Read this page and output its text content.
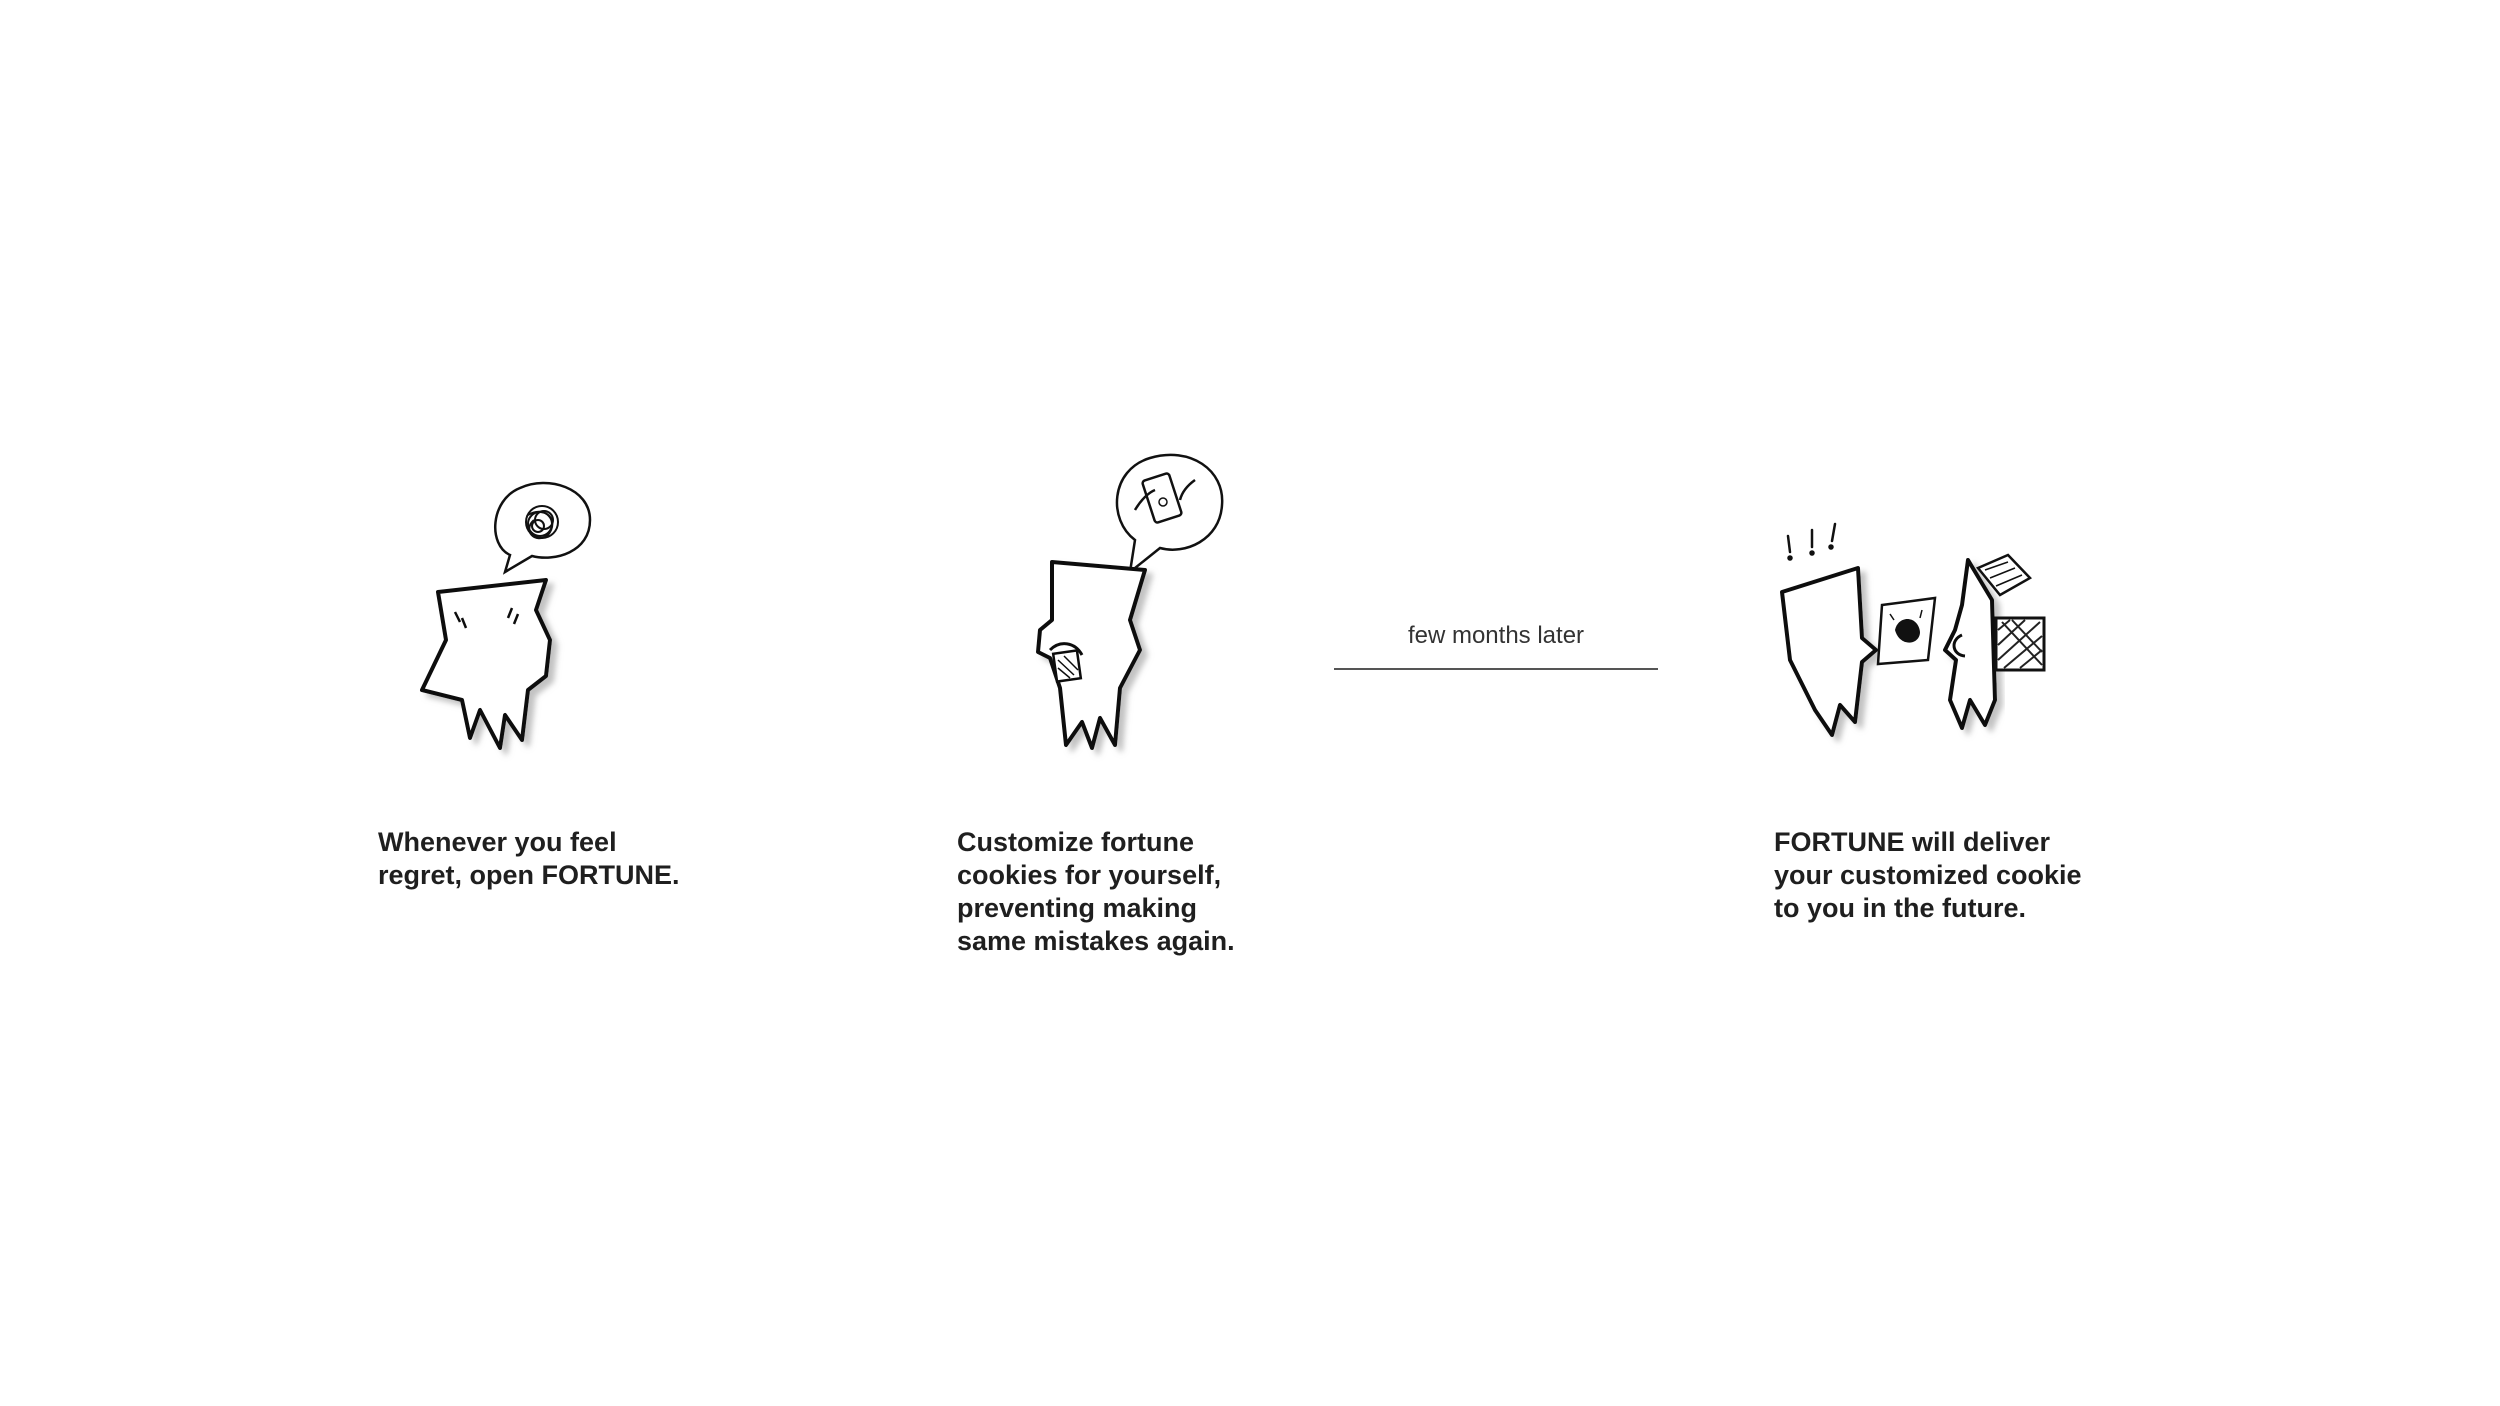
Whenever you feel
regret, open FORTUNE.
Customize fortune
cookies for yourself,
preventing making
same mistakes again.
FORTUNE will deliver
your customized cookie
to you in the future.
few months later
